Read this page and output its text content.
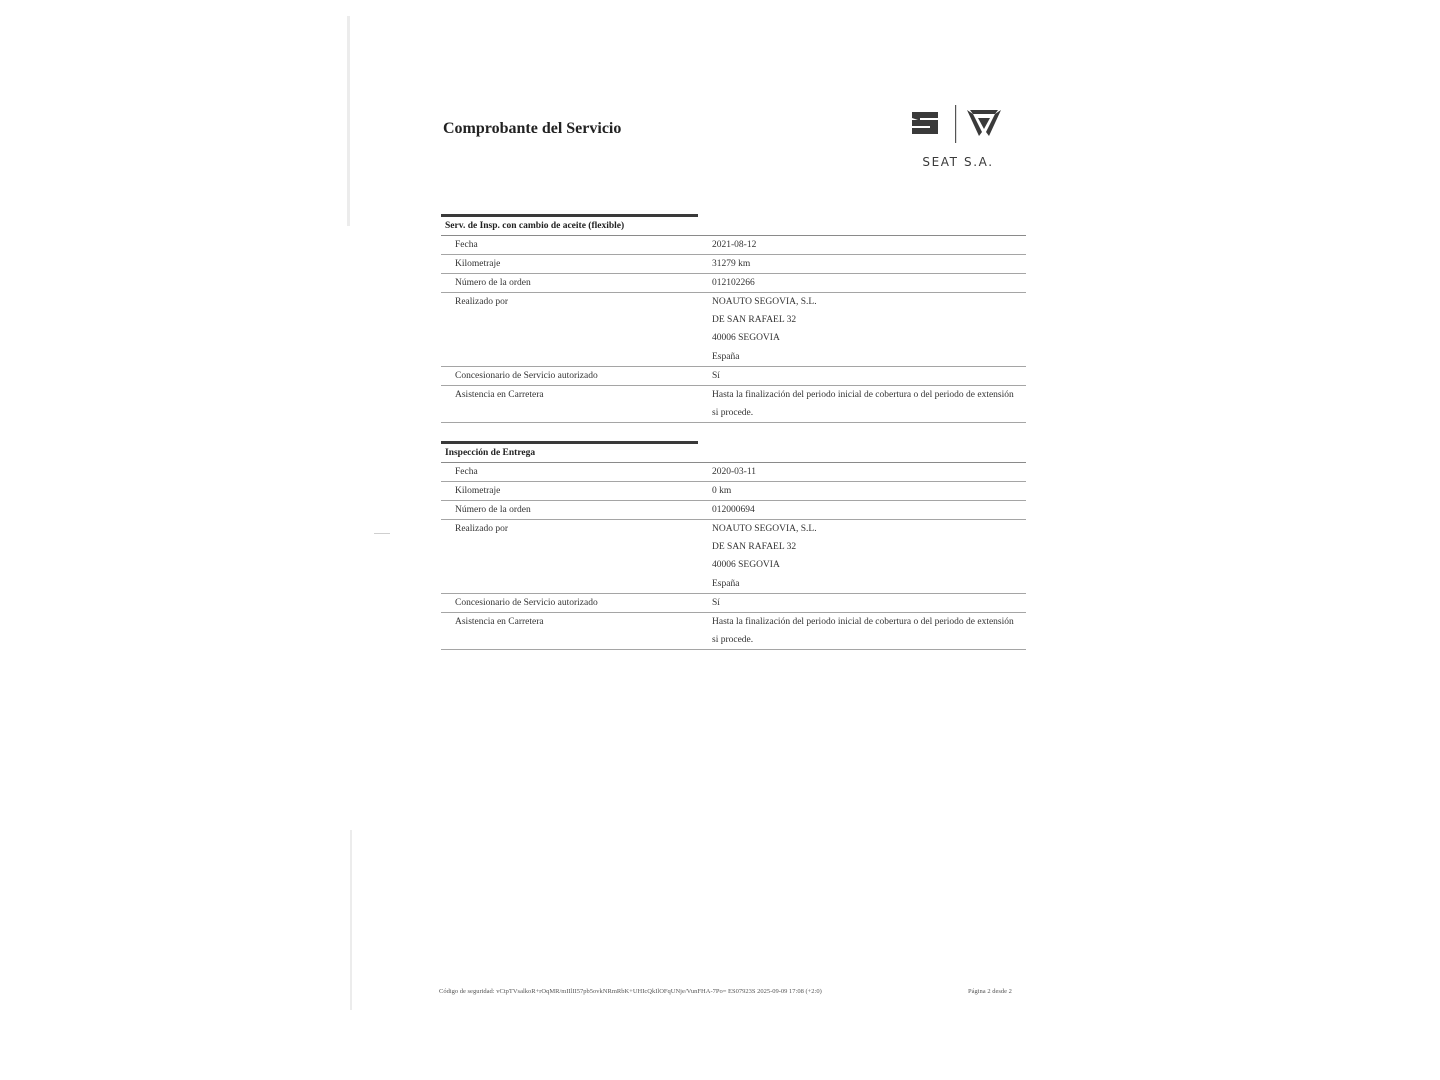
Comprobante del Servicio
SEAT S.A.
Serv. de Insp. con cambio de aceite (flexible)
Fecha	2021-08-12
Kilometraje	31279 km
Número de la orden	012102266
Realizado por	NOAUTO SEGOVIA, S.L.
DE SAN RAFAEL 32
40006 SEGOVIA
España
Concesionario de Servicio autorizado	Sí
Asistencia en Carretera	Hasta la finalización del periodo inicial de cobertura o del periodo de extensión
si procede.
Inspección de Entrega
Fecha	2020-03-11
Kilometraje	0 km
Número de la orden	012000694
Realizado por	NOAUTO SEGOVIA, S.L.
DE SAN RAFAEL 32
40006 SEGOVIA
España
Concesionario de Servicio autorizado	Sí
Asistencia en Carretera	Hasta la finalización del periodo inicial de cobertura o del periodo de extensión
si procede.
Código de seguridad: vCtpTVsalkoR+rOqMR/mIIlII57pb5ovkNRmRbK+UHIcQkIlOFqUNje/VunFHA-7Po= ES07923S 2025-09-09 17:08 (+2:0)	Página 2 desde 2
